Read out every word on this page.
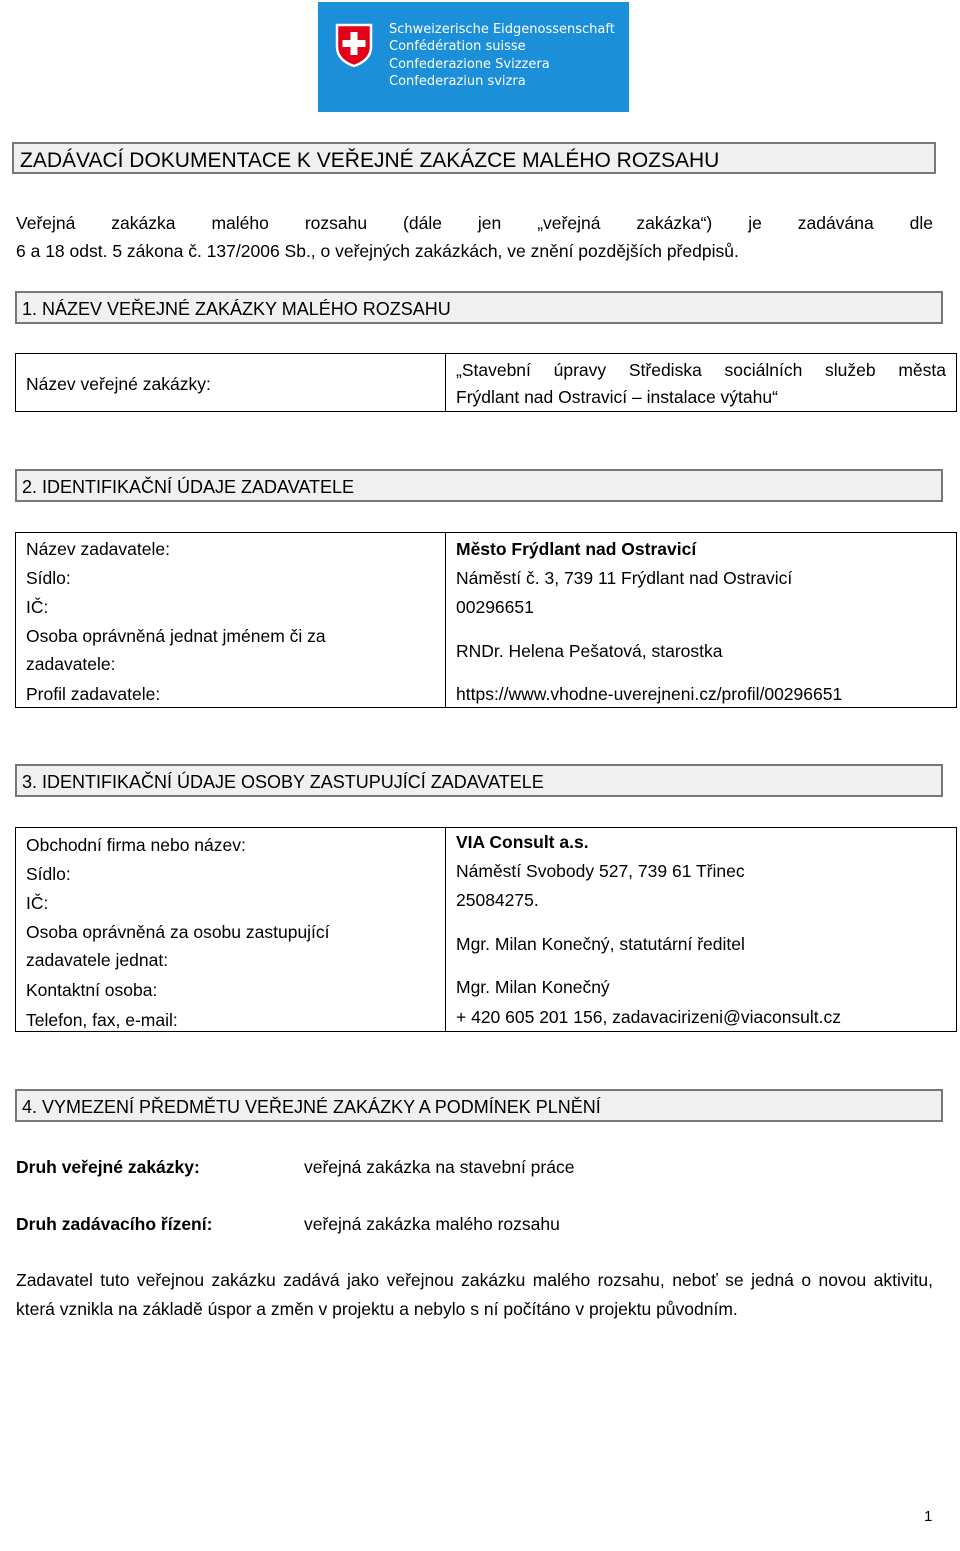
Schweizerische Eidgenossenschaft
Confédération suisse
Confederazione Svizzera
Confederaziun svizra
ZADÁVACÍ DOKUMENTACE K VEŘEJNÉ ZAKÁZCE MALÉHO ROZSAHU
Veřejná zakázka malého rozsahu (dále jen „veřejná zakázka“) je zadávána dle
6 a 18 odst. 5 zákona č. 137/2006 Sb., o veřejných zakázkách, ve znění pozdějších předpisů.
1. NÁZEV VEŘEJNÉ ZAKÁZKY MALÉHO ROZSAHU
Název veřejné zakázky:
„Stavební úpravy Střediska sociálních služeb města
Frýdlant nad Ostravicí – instalace výtahu“
2. IDENTIFIKAČNÍ ÚDAJE ZADAVATELE
Název zadavatele:	Město Frýdlant nad Ostravicí
Sídlo:	Náměstí č. 3, 739 11 Frýdlant nad Ostravicí
IČ:	00296651
Osoba oprávněná jednat jménem či za
zadavatele:
RNDr. Helena Pešatová, starostka
Profil zadavatele:	https://www.vhodne-uverejneni.cz/profil/00296651
3. IDENTIFIKAČNÍ ÚDAJE OSOBY ZASTUPUJÍCÍ ZADAVATELE
Obchodní firma nebo název:	VIA Consult a.s.
Sídlo:	Náměstí Svobody 527, 739 61 Třinec
IČ:	25084275.
Osoba oprávněná za osobu zastupující
zadavatele jednat:
Mgr. Milan Konečný, statutární ředitel
Kontaktní osoba:	Mgr. Milan Konečný
Telefon, fax, e-mail:	+ 420 605 201 156, zadavacirizeni@viaconsult.cz
4. VYMEZENÍ PŘEDMĚTU VEŘEJNÉ ZAKÁZKY A PODMÍNEK PLNĚNÍ
Druh veřejné zakázky:	veřejná zakázka na stavební práce
Druh zadávacího řízení:	veřejná zakázka malého rozsahu
Zadavatel tuto veřejnou zakázku zadává jako veřejnou zakázku malého rozsahu, neboť se jedná o novou aktivitu, která vznikla na základě úspor a změn v projektu a nebylo s ní počítáno v projektu původním.
1
